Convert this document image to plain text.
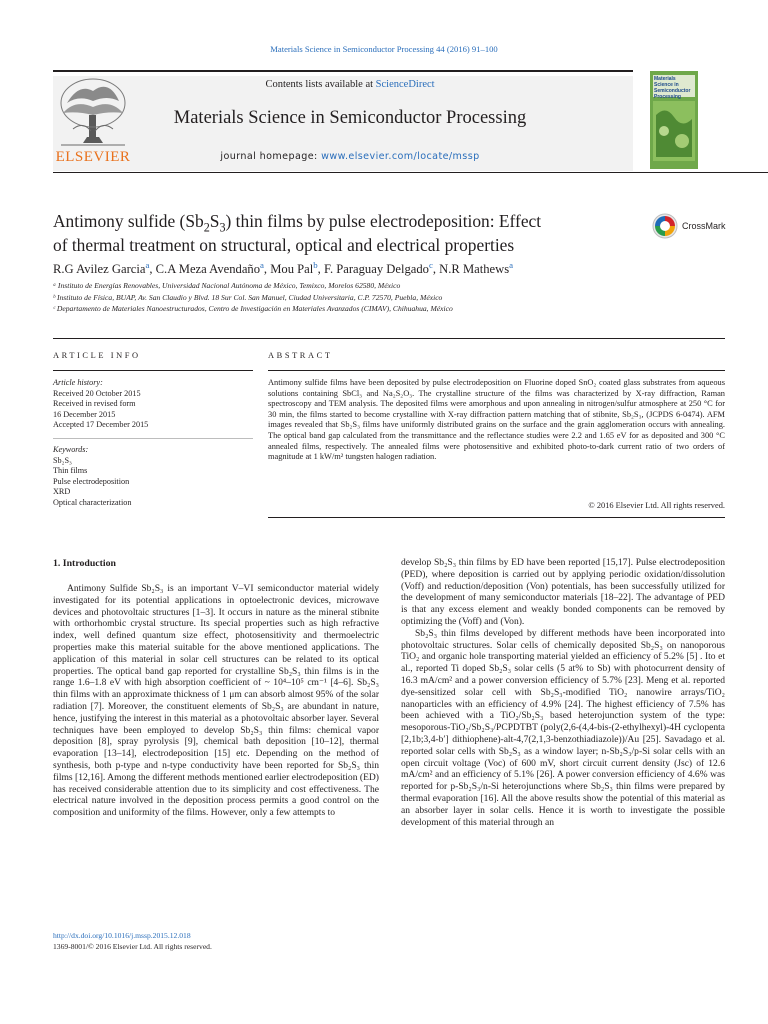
Materials Science in Semiconductor Processing 44 (2016) 91–100
ELSEVIER
Contents lists available at ScienceDirect
Materials Science in Semiconductor Processing
journal homepage: www.elsevier.com/locate/mssp
Materials Science in Semiconductor Processing
Antimony sulfide $(Sb_2S_3)$ thin films by pulse electrodeposition: Effect
of thermal treatment on structural, optical and electrical properties
CrossMark
R.G Avilez Garcia$^a$, C.A Meza Avendaño$^a$, Mou Pal$^b$, F. Paraguay Delgado$^c$, N.R Mathews$^a$
ᵃ Instituto de Energías Renovables, Universidad Nacional Autónoma de México, Temixco, Morelos 62580, México
ᵇ Instituto de Física, BUAP, Av. San Claudio y Blvd. 18 Sur Col. San Manuel, Ciudad Universitaria, C.P. 72570, Puebla, México
ᶜ Departamento de Materiales Nanoestructurados, Centro de Investigación en Materiales Avanzados (CIMAV), Chihuahua, México
ARTICLE INFO	ABSTRACT
Article history:
Received 20 October 2015
Received in revised form
16 December 2015
Accepted 17 December 2015
Keywords:
Sb₂S₃
Thin films
Pulse electrodeposition
XRD
Optical characterization
Antimony sulfide films have been deposited by pulse electrodeposition on Fluorine doped SnO₂ coated glass substrates from aqueous solutions containing SbCl₃ and Na₂S₂O₃. The crystalline structure of the films was characterized by X-ray diffraction, Raman spectroscopy and TEM analysis. The deposited films were amorphous and upon annealing in nitrogen/sulfur atmosphere at 250 °C for 30 min, the films started to become crystalline with X-ray diffraction pattern matching that of stibnite, Sb₂S₃, (JCPDS 6-0474). AFM images revealed that Sb₂S₃ films have uniformly distributed grains on the surface and the grain agglomeration occurs with annealing. The optical band gap calculated from the transmittance and the reflectance studies were 2.2 and 1.65 eV for as deposited and 300 °C annealed films, respectively. The annealed films were photosensitive and exhibited photo-to-dark current ratio of two orders of magnitude at 1 kW/m² tungsten halogen radiation.
© 2016 Elsevier Ltd. All rights reserved.
1. Introduction

Antimony Sulfide Sb₂S₃ is an important V–VI semiconductor material widely investigated for its potential applications in optoelectronic devices, microwave devices and photovoltaic structures [1–3]. It occurs in nature as the mineral stibnite with orthorhombic crystal structure. Its special properties such as high refractive index, well defined quantum size effect, photosensitivity and thermoelectric properties make this material suitable for the above mentioned applications. The application of this material in solar cell structures can be related to its optical properties. The optical band gap reported for crystalline Sb₂S₃ thin films is in the range 1.6–1.8 eV with high absorption coefficient of ~ 10⁴–10⁵ cm⁻¹ [4–6]. Sb₂S₃ thin films with an approximate thickness of 1 μm can absorb almost 95% of the solar radiation [7]. Moreover, the constituent elements of Sb₂S₃ are abundant in nature, hence, justifying the interest in this material as a photovoltaic absorber layer. Several techniques have been employed to develop Sb₂S₃ thin films: chemical vapor deposition [8], spray pyrolysis [9], chemical bath deposition [10–12], thermal evaporation [13–14], electrodeposition [15] etc. Depending on the method of synthesis, both p-type and n-type conductivity have been reported for Sb₂S₃ thin films [12,16]. Among the different methods mentioned earlier electrodeposition (ED) has received considerable attention due to its simplicity and cost effectiveness. The electrical nature involved in the deposition process permits a good control on the composition and uniformity of the films. However, only a few attempts to

develop Sb₂S₃ thin films by ED have been reported [15,17]. Pulse electrodeposition (PED), where deposition is carried out by applying periodic oxidation/dissolution (Voff) and reduction/deposition (Von) potentials, has been successfully utilized for the development of many semiconductor materials [18–22]. The advantage of PED is that any excess element and weakly bonded components can be removed by optimizing the (Voff) and (Von).

Sb₂S₃ thin films developed by different methods have been incorporated into photovoltaic structures. Solar cells of chemically deposited Sb₂S₃ on nanoporous TiO₂ and organic hole transporting material yielded an efficiency of 5.2% [5] . Ito et al., reported Ti doped Sb₂S₃ solar cells (5 at% to Sb) with photocurrent density of 16.3 mA/cm² and a power conversion efficiency of 5.7% [23]. Meng et al. reported dye-sensitized solar cell with Sb₂S₃-modified TiO₂ nanowire arrays/TiO₂ nanoparticles with an efficiency of 4.9% [24]. The highest efficiency of 7.5% has been achieved with a TiO₂/Sb₂S₃ based heterojunction system of the type: mesoporous-TiO₂/Sb₂S₃/PCPDTBT (poly(2,6-(4,4-bis-(2-ethylhexyl)-4H cyclopenta [2,1b;3,4-b′] dithiophene)-alt-4,7(2,1,3-benzothiadiazole))/Au [25]. Savadago et al. reported solar cells with Sb₂S₃ as a window layer; n-Sb₂S₃/p-Si solar cells with an open circuit voltage (Voc) of 600 mV, short circuit current density (Jsc) of 12.6 mA/cm² and an efficiency of 5.1% [26]. A power conversion efficiency of 4.6% was reported for p-Sb₂S₃/n-Si heterojunctions where Sb₂S₃ thin films were prepared by thermal evaporation [16]. All the above results show the potential of this material as an absorber layer in solar cells. Hence it is worth to investigate the possible development of this material through an

http://dx.doi.org/10.1016/j.mssp.2015.12.018
1369-8001/© 2016 Elsevier Ltd. All rights reserved.
